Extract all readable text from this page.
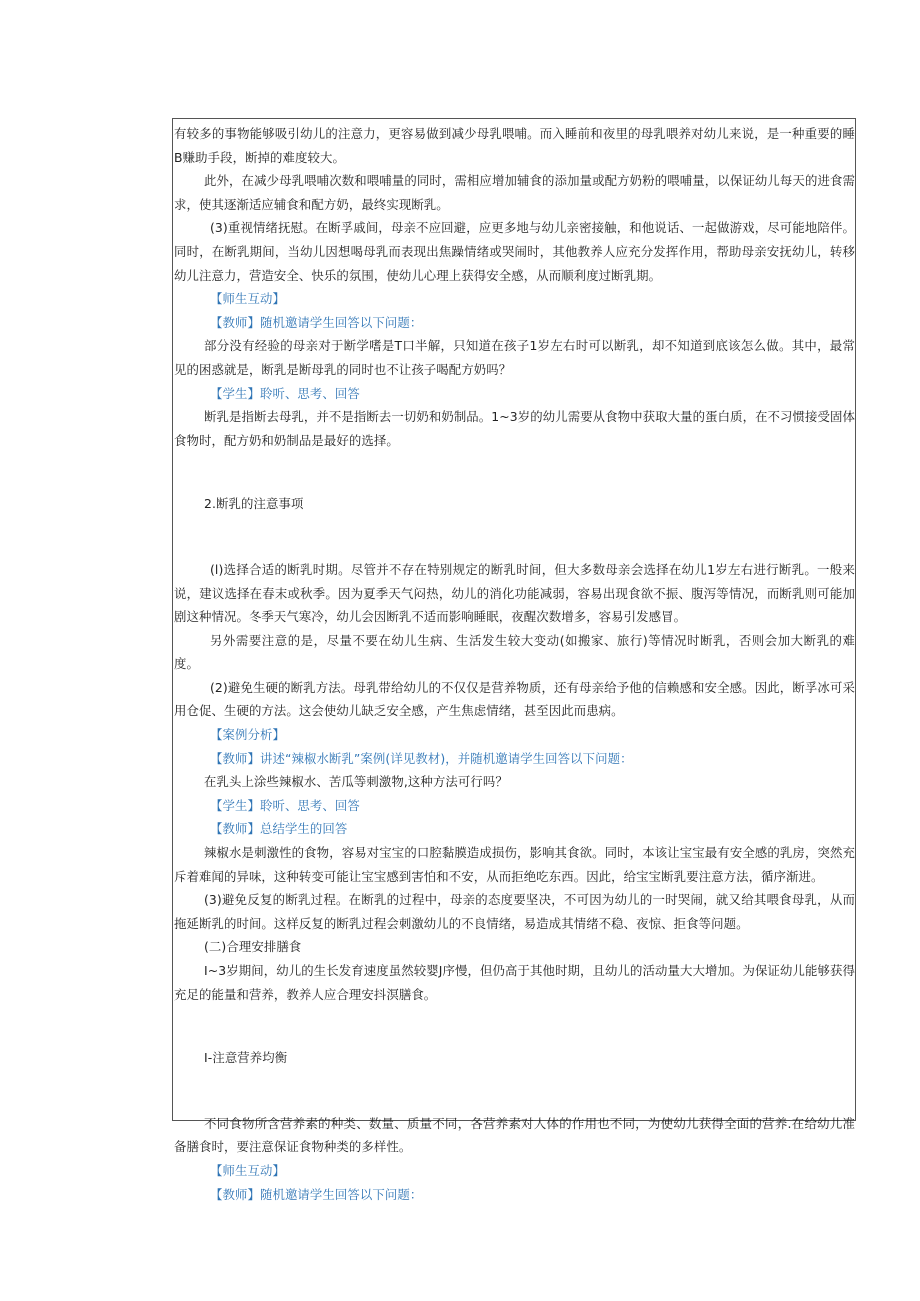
有较多的事物能够吸引幼儿的注意力，更容易做到减少母乳喂哺。而入睡前和夜里的母乳喂养对幼儿来说，是一种重要的睡B赚助手段，断掉的难度较大。

此外，在减少母乳喂哺次数和喂哺量的同时，需相应增加辅食的添加量或配方奶粉的喂哺量，以保证幼儿每天的进食需求，使其逐渐适应辅食和配方奶，最终实现断乳。

(3)重视情绪抚慰。在断孚戚间，母亲不应回避，应更多地与幼儿亲密接触，和他说话、一起做游戏，尽可能地陪伴。同时，在断乳期间，当幼儿因想喝母乳而表现出焦躁情绪或哭闹时，其他教养人应充分发挥作用，帮助母亲安抚幼儿，转移幼儿注意力，营造安全、快乐的氛围，使幼儿心理上获得安全感，从而顺利度过断乳期。

【师生互动】

【教师】随机邀请学生回答以下问题：

部分没有经验的母亲对于断学嗜是T口半解，只知道在孩子1岁左右时可以断乳，却不知道到底该怎么做。其中，最常见的困惑就是，断乳是断母乳的同时也不让孩子喝配方奶吗？

【学生】聆听、思考、回答

断乳是指断去母乳，并不是指断去一切奶和奶制品。1~3岁的幼儿需要从食物中获取大量的蛋白质，在不习惯接受固体食物时，配方奶和奶制品是最好的选择。

2.断乳的注意事项

(l)选择合适的断乳时期。尽管并不存在特别规定的断乳时间，但大多数母亲会选择在幼儿1岁左右进行断乳。一般来说，建议选择在春末或秋季。因为夏季天气闷热，幼儿的消化功能减弱，容易出现食欲不振、腹泻等情况，而断乳则可能加剧这种情况。冬季天气寒冷，幼儿会因断乳不适而影响睡眠，夜醒次数增多，容易引发感冒。

另外需要注意的是，尽量不要在幼儿生病、生活发生较大变动(如搬家、旅行)等情况时断乳，否则会加大断乳的难度。

(2)避免生硬的断乳方法。母乳带给幼儿的不仅仅是营养物质，还有母亲给予他的信赖感和安全感。因此，断孚冰可采用仓促、生硬的方法。这会使幼儿缺乏安全感，产生焦虑情绪，甚至因此而患病。

【案例分析】

【教师】讲述“辣椒水断乳”案例(详见教材)，并随机邀请学生回答以下问题：

在乳头上涂些辣椒水、苦瓜等刺激物,这种方法可行吗？

【学生】聆听、思考、回答

【教师】总结学生的回答

辣椒水是刺激性的食物，容易对宝宝的口腔黏膜造成损伤，影响其食欲。同时，本该让宝宝最有安全感的乳房，突然充斥着难闻的异味，这种转变可能让宝宝感到害怕和不安，从而拒绝吃东西。因此，给宝宝断乳要注意方法，循序渐进。

(3)避免反复的断乳过程。在断乳的过程中，母亲的态度要坚决，不可因为幼儿的一时哭闹，就又给其喂食母乳，从而拖延断乳的时间。这样反复的断乳过程会刺激幼儿的不良情绪，易造成其情绪不稳、夜惊、拒食等问题。

(二)合理安排膳食

I~3岁期间，幼儿的生长发育速度虽然较婴J序慢，但仍高于其他时期，且幼儿的活动量大大增加。为保证幼儿能够获得充足的能量和营养，教养人应合理安抖溟膳食。

I-注意营养均衡

不同食物所含营养素的种类、数量、质量不同，各营养素对人体的作用也不同，为使幼儿获得全面的营养.在给幼儿准备膳食时，要注意保证食物种类的多样性。

【师生互动】

【教师】随机邀请学生回答以下问题：
